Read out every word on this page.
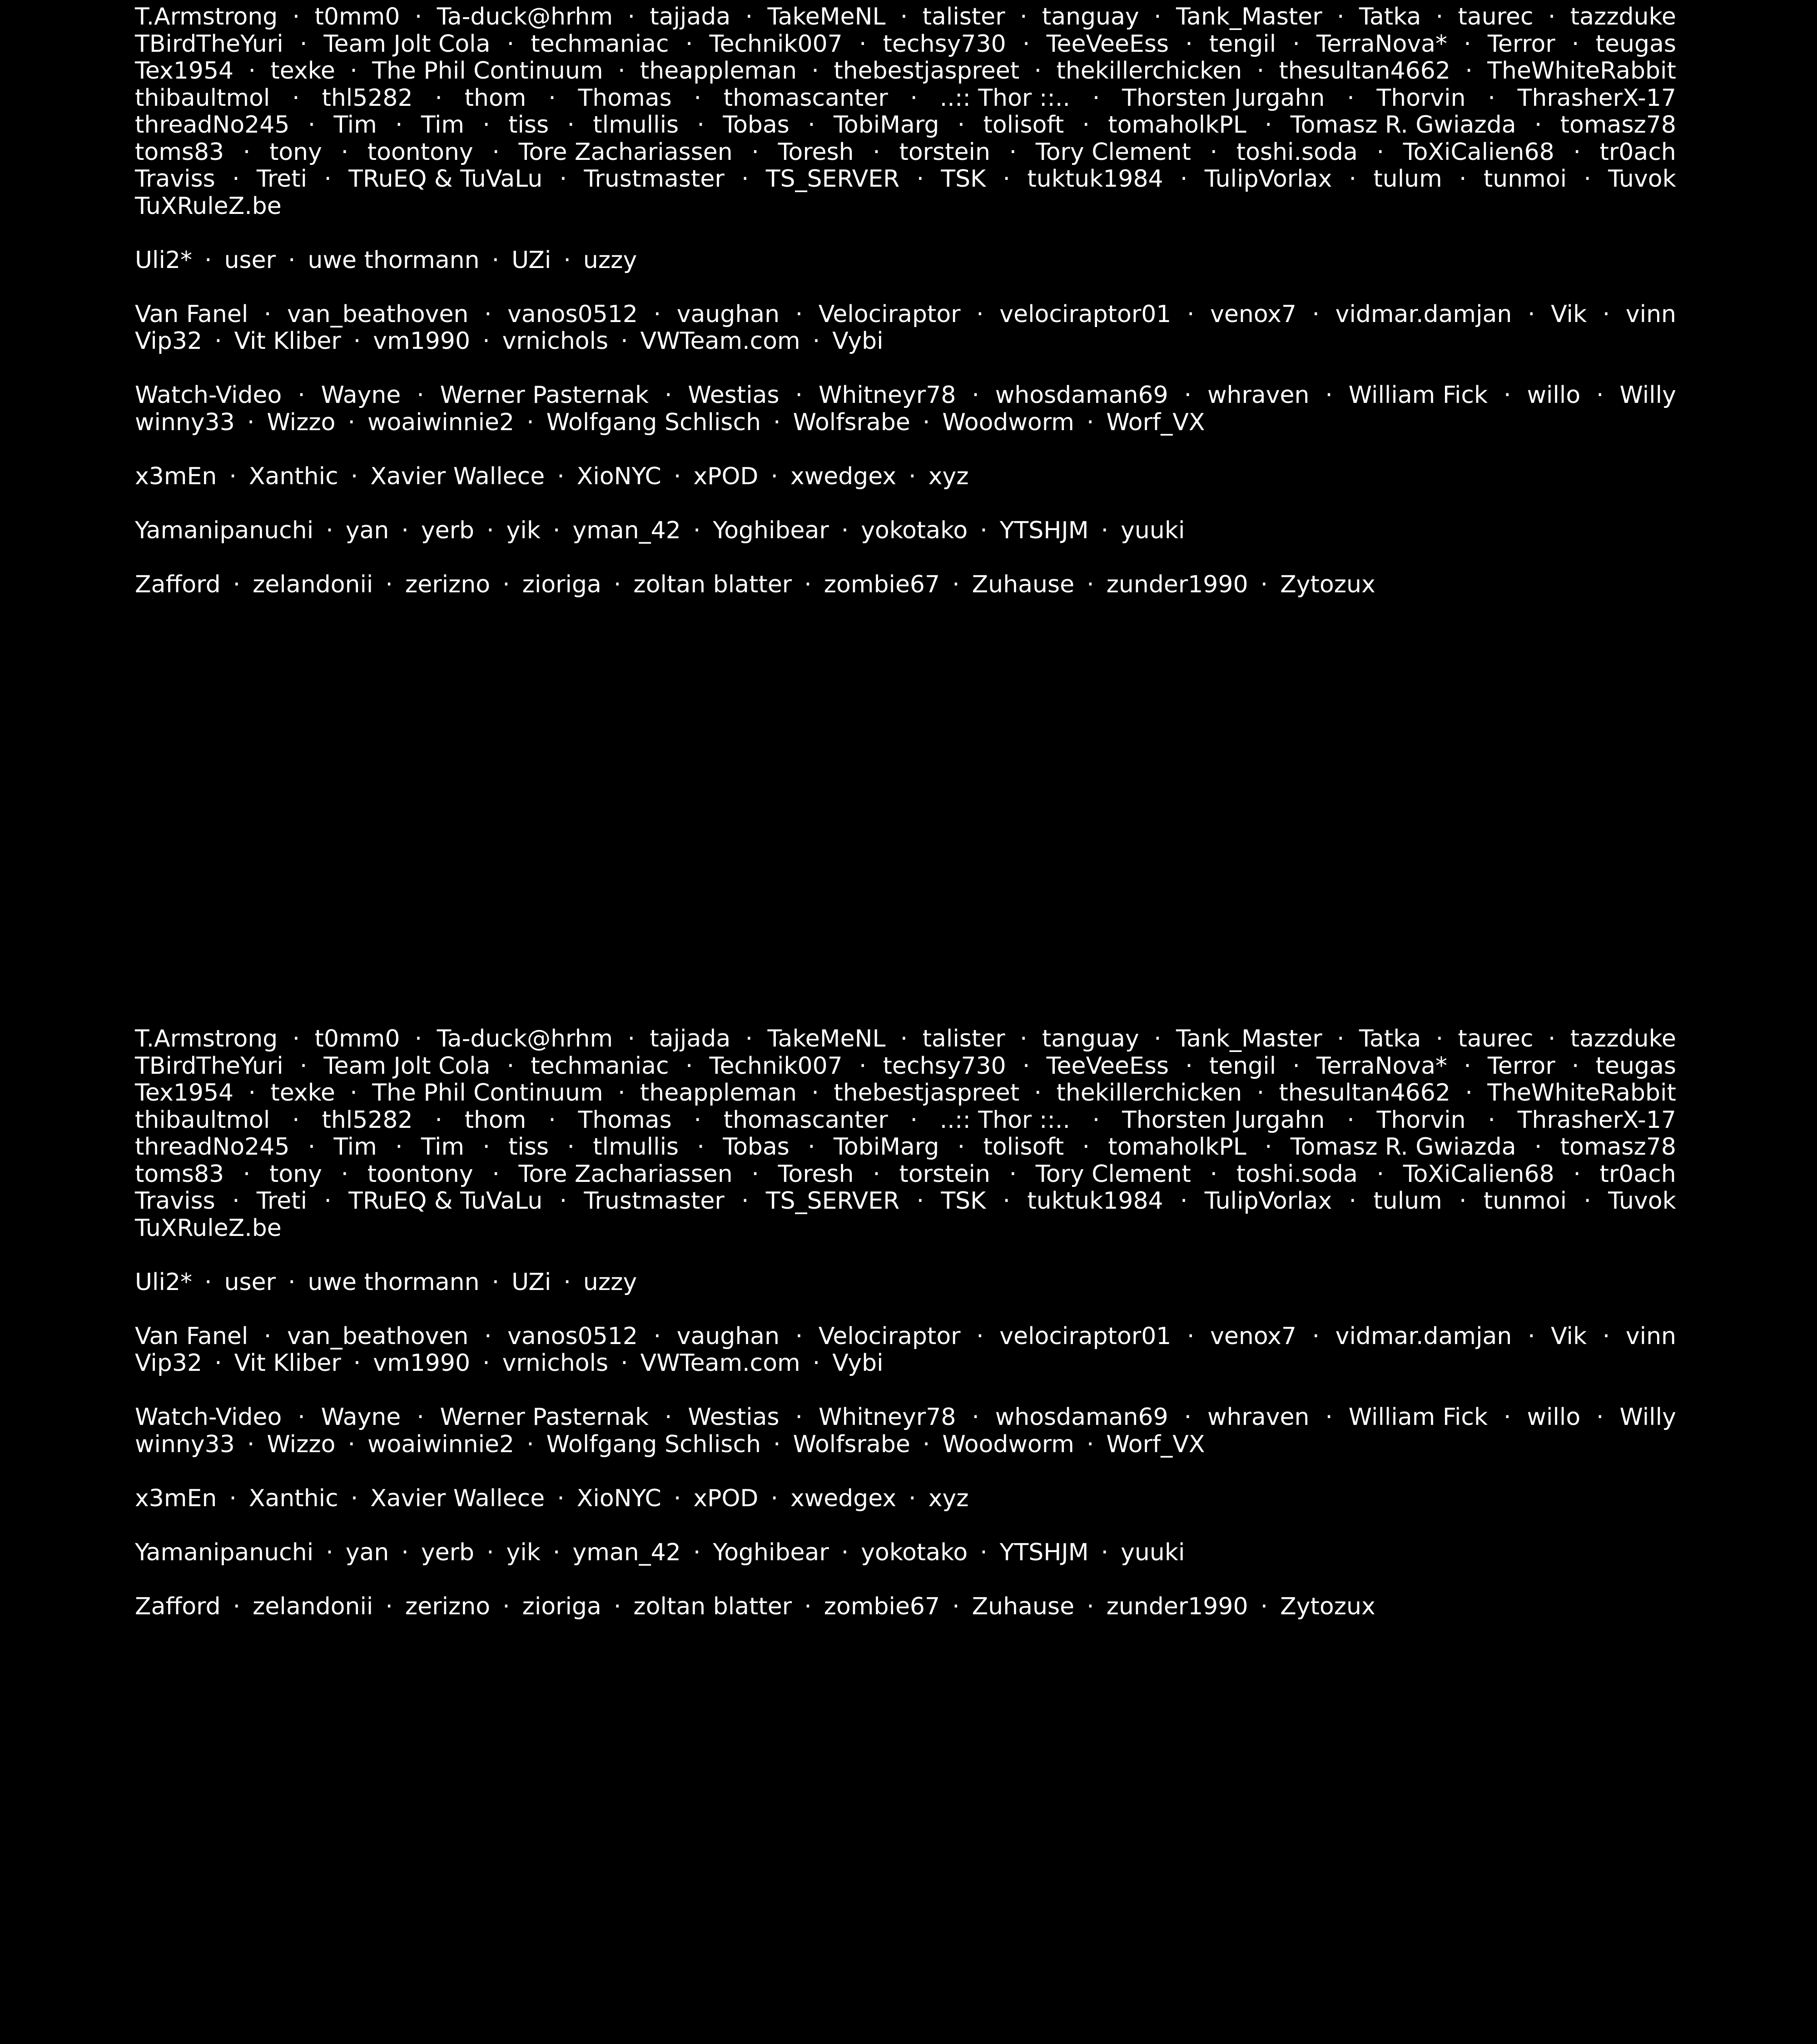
T.Armstrong · t0mm0 · Ta-duck@hrhm · tajjada · TakeMeNL · talister · tanguay · Tank_Master · Tatka · taurec · tazzduke
TBirdTheYuri · Team Jolt Cola · techmaniac · Technik007 · techsy730 · TeeVeeEss · tengil · TerraNova* · Terror · teugas
Tex1954 · texke · The Phil Continuum · theappleman · thebestjaspreet · thekillerchicken · thesultan4662 · TheWhiteRabbit
thibaultmol · thl5282 · thom · Thomas · thomascanter · ..:: Thor ::.. · Thorsten Jurgahn · Thorvin · ThrasherX-17
threadNo245 · Tim · Tim · tiss · tlmullis · Tobas · TobiMarg · tolisoft · tomaholkPL · Tomasz R. Gwiazda · tomasz78
toms83 · tony · toontony · Tore Zachariassen · Toresh · torstein · Tory Clement · toshi.soda · ToXiCalien68 · tr0ach
Traviss · Treti · TRuEQ & TuVaLu · Trustmaster · TS_SERVER · TSK · tuktuk1984 · TulipVorlax · tulum · tunmoi · Tuvok
TuXRuleZ.be
Uli2* · user · uwe thormann · UZi · uzzy
Van Fanel · van_beathoven · vanos0512 · vaughan · Velociraptor · velociraptor01 · venox7 · vidmar.damjan · Vik · vinn
Vip32 · Vit Kliber · vm1990 · vrnichols · VWTeam.com · Vybi
Watch-Video · Wayne · Werner Pasternak · Westias · Whitneyr78 · whosdaman69 · whraven · William Fick · willo · Willy
winny33 · Wizzo · woaiwinnie2 · Wolfgang Schlisch · Wolfsrabe · Woodworm · Worf_VX
x3mEn · Xanthic · Xavier Wallece · XioNYC · xPOD · xwedgex · xyz
Yamanipanuchi · yan · yerb · yik · yman_42 · Yoghibear · yokotako · YTSHJM · yuuki
Zafford · zelandonii · zerizno · zioriga · zoltan blatter · zombie67 · Zuhause · zunder1990 · Zytozux
T.Armstrong · t0mm0 · Ta-duck@hrhm · tajjada · TakeMeNL · talister · tanguay · Tank_Master · Tatka · taurec · tazzduke
TBirdTheYuri · Team Jolt Cola · techmaniac · Technik007 · techsy730 · TeeVeeEss · tengil · TerraNova* · Terror · teugas
Tex1954 · texke · The Phil Continuum · theappleman · thebestjaspreet · thekillerchicken · thesultan4662 · TheWhiteRabbit
thibaultmol · thl5282 · thom · Thomas · thomascanter · ..:: Thor ::.. · Thorsten Jurgahn · Thorvin · ThrasherX-17
threadNo245 · Tim · Tim · tiss · tlmullis · Tobas · TobiMarg · tolisoft · tomaholkPL · Tomasz R. Gwiazda · tomasz78
toms83 · tony · toontony · Tore Zachariassen · Toresh · torstein · Tory Clement · toshi.soda · ToXiCalien68 · tr0ach
Traviss · Treti · TRuEQ & TuVaLu · Trustmaster · TS_SERVER · TSK · tuktuk1984 · TulipVorlax · tulum · tunmoi · Tuvok
TuXRuleZ.be
Uli2* · user · uwe thormann · UZi · uzzy
Van Fanel · van_beathoven · vanos0512 · vaughan · Velociraptor · velociraptor01 · venox7 · vidmar.damjan · Vik · vinn
Vip32 · Vit Kliber · vm1990 · vrnichols · VWTeam.com · Vybi
Watch-Video · Wayne · Werner Pasternak · Westias · Whitneyr78 · whosdaman69 · whraven · William Fick · willo · Willy
winny33 · Wizzo · woaiwinnie2 · Wolfgang Schlisch · Wolfsrabe · Woodworm · Worf_VX
x3mEn · Xanthic · Xavier Wallece · XioNYC · xPOD · xwedgex · xyz
Yamanipanuchi · yan · yerb · yik · yman_42 · Yoghibear · yokotako · YTSHJM · yuuki
Zafford · zelandonii · zerizno · zioriga · zoltan blatter · zombie67 · Zuhause · zunder1990 · Zytozux
